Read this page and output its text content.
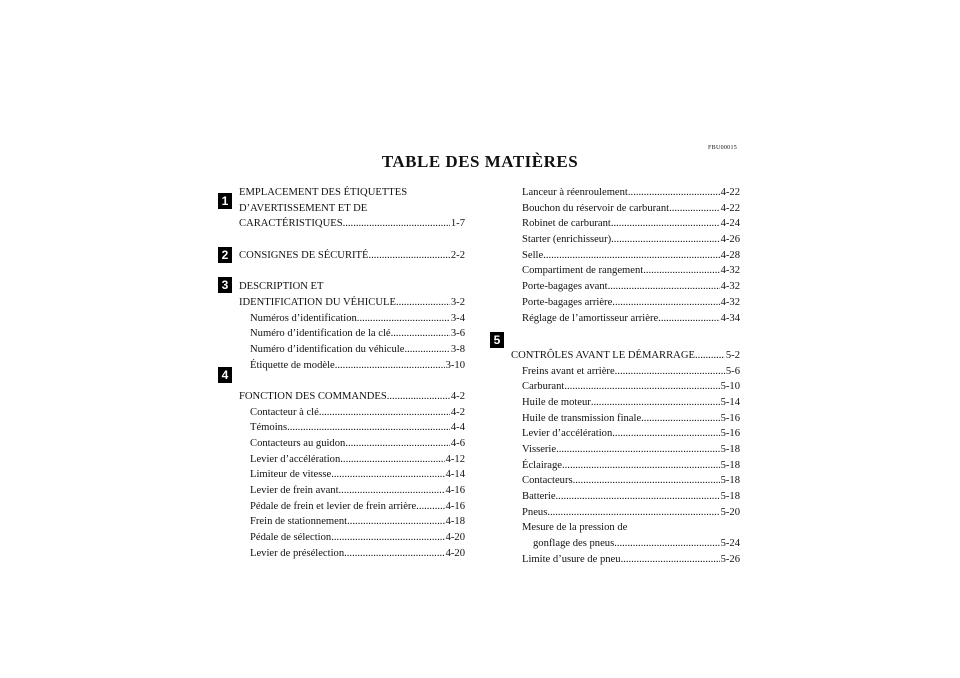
FBU00015
TABLE DES MATIÈRES
1
2
3
4
5
EMPLACEMENT DES ÉTIQUETTES
D’AVERTISSEMENT ET DE
CARACTÉRISTIQUES .....	1-7
CONSIGNES DE SÉCURITÉ .....	2-2
DESCRIPTION ET
IDENTIFICATION DU VÉHICULE .....	3-2
Numéros d’identification .....	3-4
Numéro d’identification de la clé .....	3-6
Numéro d’identification du véhicule .....	3-8
Étiquette de modèle .....	3-10
FONCTION DES COMMANDES .....	4-2
Contacteur à clé .....	4-2
Témoins .....	4-4
Contacteurs au guidon .....	4-6
Levier d’accélération .....	4-12
Limiteur de vitesse .....	4-14
Levier de frein avant .....	4-16
Pédale de frein et levier de frein arrière .....	4-16
Frein de stationnement .....	4-18
Pédale de sélection .....	4-20
Levier de présélection .....	4-20
Lanceur à réenroulement .....	4-22
Bouchon du réservoir de carburant .....	4-22
Robinet de carburant .....	4-24
Starter (enrichisseur) .....	4-26
Selle .....	4-28
Compartiment de rangement .....	4-32
Porte-bagages avant .....	4-32
Porte-bagages arrière .....	4-32
Réglage de l’amortisseur arrière .....	4-34
CONTRÔLES AVANT LE DÉMARRAGE .....	5-2
Freins avant et arrière .....	5-6
Carburant .....	5-10
Huile de moteur .....	5-14
Huile de transmission finale .....	5-16
Levier d’accélération .....	5-16
Visserie .....	5-18
Éclairage .....	5-18
Contacteurs .....	5-18
Batterie .....	5-18
Pneus .....	5-20
Mesure de la pression de
gonflage des pneus .....	5-24
Limite d’usure de pneu .....	5-26
